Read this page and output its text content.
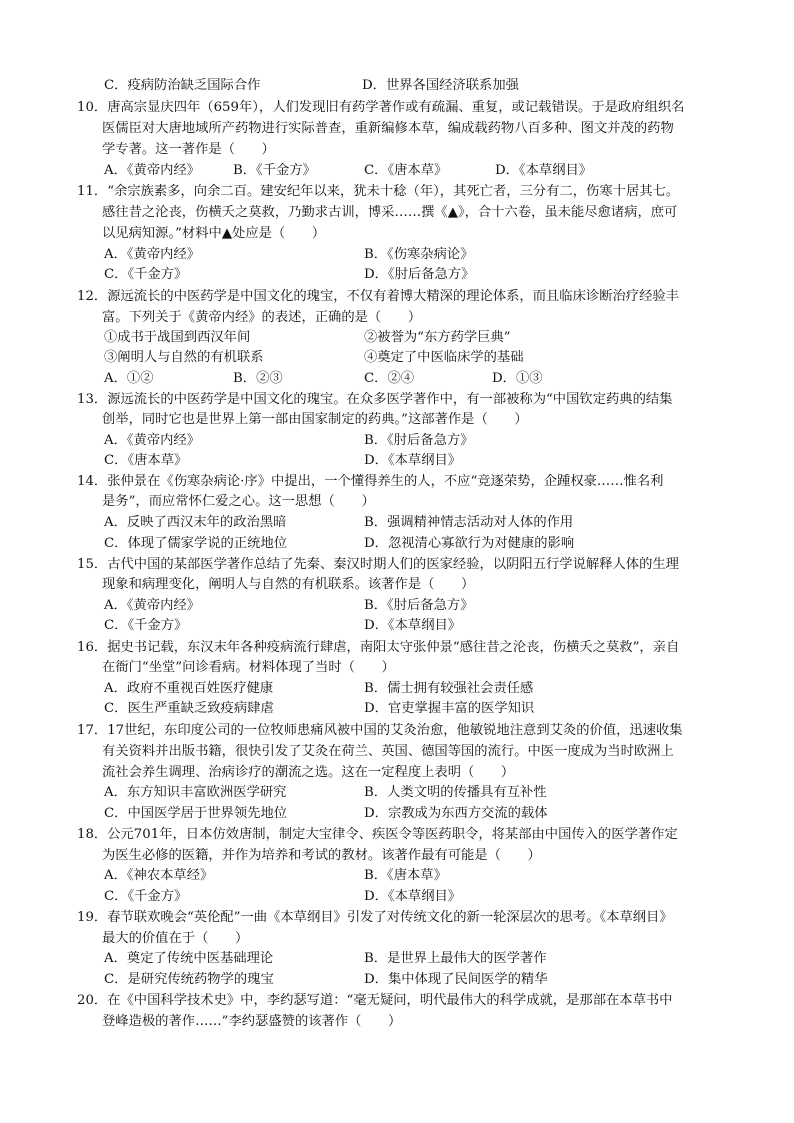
C．疫病防治缺乏国际合作	D．世界各国经济联系加强
10．唐高宗显庆四年（659年），人们发现旧有药学著作或有疏漏、重复，或记载错误。于是政府组织名
医儒臣对大唐地域所产药物进行实际普查，重新编修本草，编成载药物八百多种、图文并茂的药物
学专著。这一著作是（　　）
A．《黄帝内经》 B．《千金方》	C．《唐本草》	D．《本草纲目》
11．“余宗族素多，向余二百。建安纪年以来，犹未十稔（年），其死亡者，三分有二，伤寒十居其七。
感往昔之沦丧，伤横夭之莫救，乃勤求古训，博采……撰《▲》，合十六卷，虽未能尽愈诸病，庶可
以见病知源。”材料中▲处应是（　　）
A．《黄帝内经》	B．《伤寒杂病论》
C．《千金方》	D．《肘后备急方》
12．源远流长的中医药学是中国文化的瑰宝，不仅有着博大精深的理论体系，而且临床诊断治疗经验丰
富。下列关于《黄帝内经》的表述，正确的是（　　）
①成书于战国到西汉年间	②被誉为“东方药学巨典”
③阐明人与自然的有机联系	④奠定了中医临床学的基础
A．①②	B．②③	C．②④	D．①③
13．源远流长的中医药学是中国文化的瑰宝。在众多医学著作中，有一部被称为“中国钦定药典的结集
创举，同时它也是世界上第一部由国家制定的药典。”这部著作是（　　）
A．《黄帝内经》	B．《肘后备急方》
C．《唐本草》	D．《本草纲目》
14．张仲景在《伤寒杂病论·序》中提出，一个懂得养生的人，不应“竞逐荣势，企踵权豪……惟名利
是务”，而应常怀仁爱之心。这一思想（　　）
A．反映了西汉末年的政治黑暗	B．强调精神情志活动对人体的作用
C．体现了儒家学说的正统地位	D．忽视清心寡欲行为对健康的影响
15．古代中国的某部医学著作总结了先秦、秦汉时期人们的医家经验，以阴阳五行学说解释人体的生理
现象和病理变化，阐明人与自然的有机联系。该著作是（　　）
A．《黄帝内经》	B．《肘后备急方》
C．《千金方》	D．《本草纲目》
16．据史书记载，东汉末年各种疫病流行肆虐，南阳太守张仲景“感往昔之沦丧，伤横夭之莫救”，亲自
在衙门“坐堂”问诊看病。材料体现了当时（　　）
A．政府不重视百姓医疗健康	B．儒士拥有较强社会责任感
C．医生严重缺乏致疫病肆虐	D．官吏掌握丰富的医学知识
17．17世纪，东印度公司的一位牧师患痛风被中国的艾灸治愈，他敏锐地注意到艾灸的价值，迅速收集
有关资料并出版书籍，很快引发了艾灸在荷兰、英国、德国等国的流行。中医一度成为当时欧洲上
流社会养生调理、治病诊疗的潮流之选。这在一定程度上表明（　　）
A．东方知识丰富欧洲医学研究	B．人类文明的传播具有互补性
C．中国医学居于世界领先地位	D．宗教成为东西方交流的载体
18．公元701年，日本仿效唐制，制定大宝律令、疾医令等医药职令，将某部由中国传入的医学著作定
为医生必修的医籍，并作为培养和考试的教材。该著作最有可能是（　　）
A．《神农本草经》	B．《唐本草》
C．《千金方》	D．《本草纲目》
19．春节联欢晚会“英伦配”一曲《本草纲目》引发了对传统文化的新一轮深层次的思考。《本草纲目》
最大的价值在于（　　）
A．奠定了传统中医基础理论	B．是世界上最伟大的医学著作
C．是研究传统药物学的瑰宝	D．集中体现了民间医学的精华
20．在《中国科学技术史》中，李约瑟写道：“毫无疑问，明代最伟大的科学成就，是那部在本草书中
登峰造极的著作……”李约瑟盛赞的该著作（　　）
